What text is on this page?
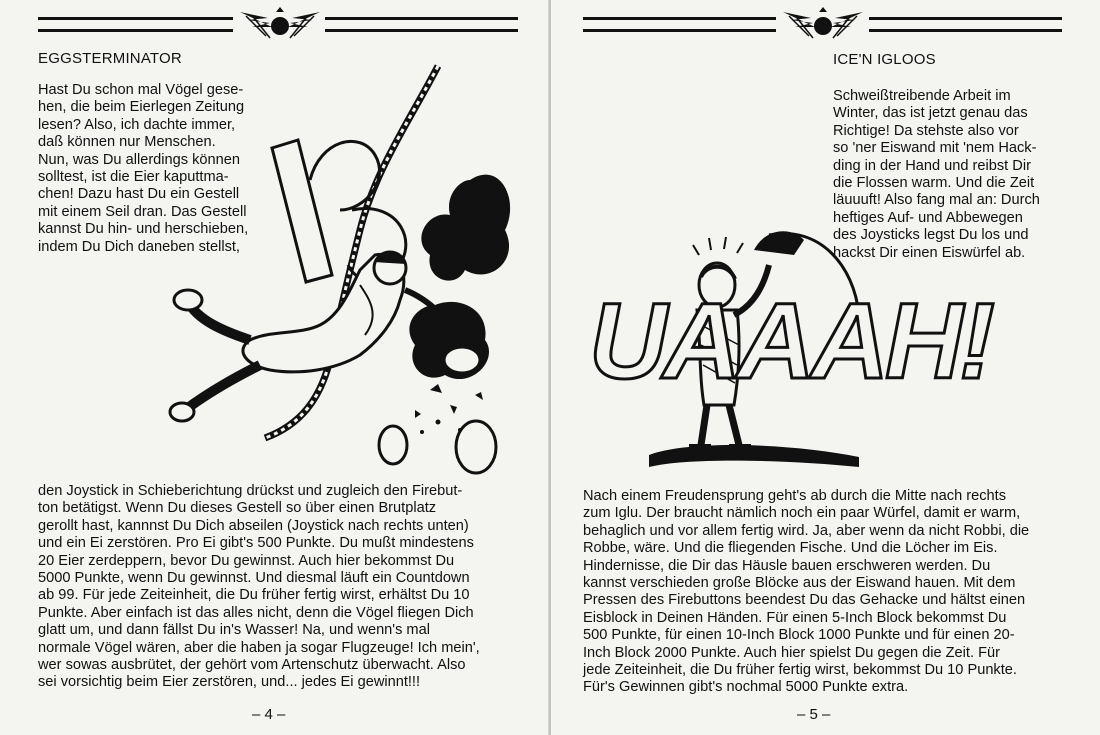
EGGSTERMINATOR
Hast Du schon mal Vögel gese-
hen, die beim Eierlegen Zeitung
lesen? Also, ich dachte immer,
daß können nur Menschen.
Nun, was Du allerdings können
solltest, ist die Eier kaputtma-
chen! Dazu hast Du ein Gestell
mit einem Seil dran. Das Gestell
kannst Du hin- und herschieben,
indem Du Dich daneben stellst,
den Joystick in Schieberichtung drückst und zugleich den Firebut-
ton betätigst. Wenn Du dieses Gestell so über einen Brutplatz
gerollt hast, kannnst Du Dich abseilen (Joystick nach rechts unten)
und ein Ei zerstören. Pro Ei gibt's 500 Punkte. Du mußt mindestens
20 Eier zerdeppern, bevor Du gewinnst. Auch hier bekommst Du
5000 Punkte, wenn Du gewinnst. Und diesmal läuft ein Countdown
ab 99. Für jede Zeiteinheit, die Du früher fertig wirst, erhältst Du 10
Punkte. Aber einfach ist das alles nicht, denn die Vögel fliegen Dich
glatt um, und dann fällst Du in's Wasser! Na, und wenn's mal
normale Vögel wären, aber die haben ja sogar Flugzeuge! Ich mein',
wer sowas ausbrütet, der gehört vom Artenschutz überwacht. Also
sei vorsichtig beim Eier zerstören, und... jedes Ei gewinnt!!!
– 4 –
ICE'N IGLOOS
Schweißtreibende Arbeit im
Winter, das ist jetzt genau das
Richtige! Da stehste also vor
so 'ner Eiswand mit 'nem Hack-
ding in der Hand und reibst Dir
die Flossen warm. Und die Zeit
läuuuft! Also fang mal an: Durch
heftiges Auf- und Abbewegen
des Joysticks legst Du los und
hackst Dir einen Eiswürfel ab.
UAAAH!
Nach einem Freudensprung geht's ab durch die Mitte nach rechts
zum Iglu. Der braucht nämlich noch ein paar Würfel, damit er warm,
behaglich und vor allem fertig wird. Ja, aber wenn da nicht Robbi, die
Robbe, wäre. Und die fliegenden Fische. Und die Löcher im Eis.
Hindernisse, die Dir das Häusle bauen erschweren werden. Du
kannst verschieden große Blöcke aus der Eiswand hauen. Mit dem
Pressen des Firebuttons beendest Du das Gehacke und hältst einen
Eisblock in Deinen Händen. Für einen 5-Inch Block bekommst Du
500 Punkte, für einen 10-Inch Block 1000 Punkte und für einen 20-
Inch Block 2000 Punkte. Auch hier spielst Du gegen die Zeit. Für
jede Zeiteinheit, die Du früher fertig wirst, bekommst Du 10 Punkte.
Für's Gewinnen gibt's nochmal 5000 Punkte extra.
– 5 –
